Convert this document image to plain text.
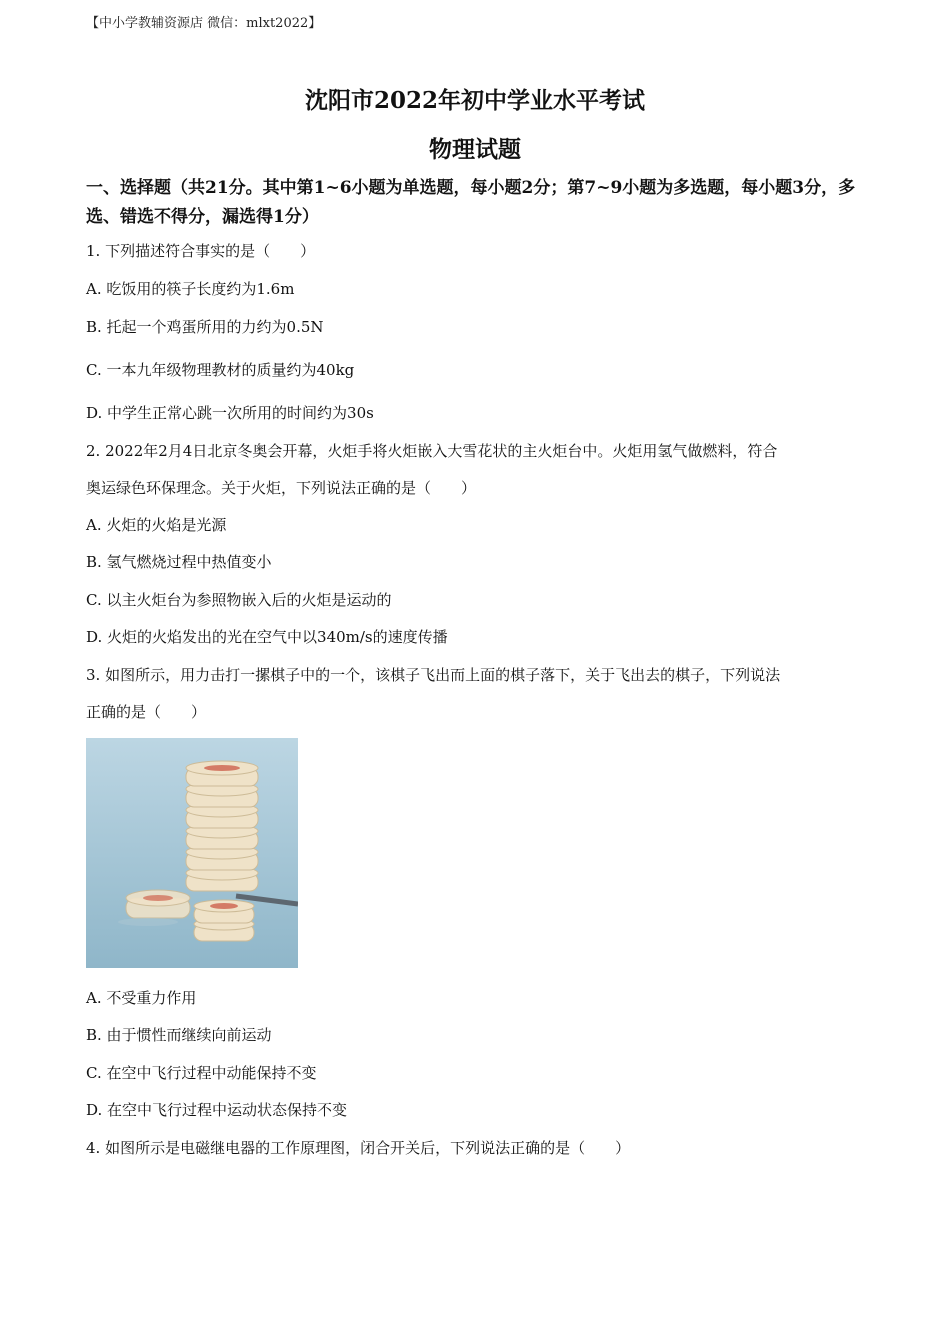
【中小学教辅资源店 微信：mlxt2022】
沈阳市2022年初中学业水平考试
物理试题
一、选择题（共21分。其中第1~6小题为单选题，每小题2分；第7~9小题为多选题，每小题3分，多选、错选不得分，漏选得1分）
1. 下列描述符合事实的是（　　）
A. 吃饭用的筷子长度约为1.6m
B. 托起一个鸡蛋所用的力约为0.5N
C. 一本九年级物理教材的质量约为40kg
D. 中学生正常心跳一次所用的时间约为30s
2. 2022年2月4日北京冬奥会开幕，火炬手将火炬嵌入大雪花状的主火炬台中。火炬用氢气做燃料，符合
奥运绿色环保理念。关于火炬，下列说法正确的是（　　）
A. 火炬的火焰是光源
B. 氢气燃烧过程中热值变小
C. 以主火炬台为参照物嵌入后的火炬是运动的
D. 火炬的火焰发出的光在空气中以340m/s的速度传播
3. 如图所示，用力击打一摞棋子中的一个，该棋子飞出而上面的棋子落下，关于飞出去的棋子，下列说法
正确的是（　　）
A. 不受重力作用
B. 由于惯性而继续向前运动
C. 在空中飞行过程中动能保持不变
D. 在空中飞行过程中运动状态保持不变
4. 如图所示是电磁继电器的工作原理图，闭合开关后，下列说法正确的是（　　）
